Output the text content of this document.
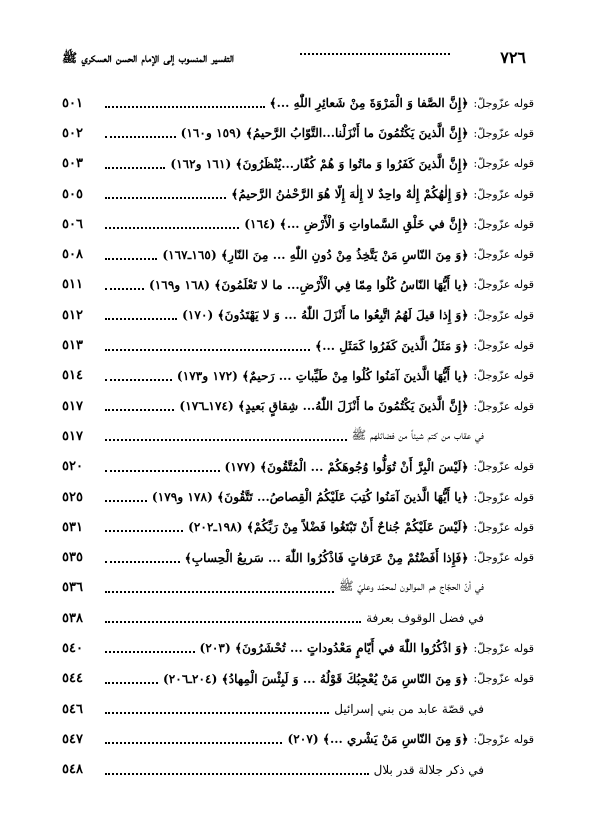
٧٢٦
التفسير المنسوب إلى الإمام الحسن العسكري ﷺ
قوله عزّوجلّ:
﴿إِنَّ الصَّفا وَ الْمَرْوَةَ مِنْ شَعائِرِ اللّٰهِ ...﴾
٥٠١
قوله عزّوجلّ:
﴿إِنَّ الَّذينَ يَكْتُمُونَ ما أَنْزَلْنا...التَّوّابُ الرَّحيمُ﴾ (١٥٩ و١٦٠)
٥٠٢
قوله عزّوجلّ:
﴿إِنَّ الَّذينَ كَفَرُوا وَ ماتُوا وَ هُمْ كُفّار...يُنْظَرُونَ﴾ (١٦١ و١٦٢)
٥٠٣
قوله عزّوجلّ:
﴿وَ إِلٰهُكُمْ إِلٰهٌ واحِدٌ لا إِلٰهَ إِلّا هُوَ الرَّحْمٰنُ الرَّحيمُ﴾
٥٠٥
قوله عزّوجلّ:
﴿إِنَّ في خَلْقِ السَّماواتِ وَ الْأَرْضِ ...﴾ (١٦٤)
٥٠٦
قوله عزّوجلّ:
﴿وَ مِنَ النّاسِ مَنْ يَتَّخِذُ مِنْ دُونِ اللّٰهِ ... مِنَ النّارِ﴾ (١٦٥ـ١٦٧)
٥٠٨
قوله عزّوجلّ:
﴿يا أَيُّهَا النّاسُ كُلُوا مِمّا فِي الْأَرْضِ... ما لا تَعْلَمُونَ﴾ (١٦٨ و١٦٩)
٥١١
قوله عزّوجلّ:
﴿وَ إِذا قيلَ لَهُمُ اتَّبِعُوا ما أَنْزَلَ اللّٰهُ ... وَ لا يَهْتَدُونَ﴾ (١٧٠)
٥١٢
قوله عزّوجلّ:
﴿وَ مَثَلُ الَّذينَ كَفَرُوا كَمَثَلِ ...﴾
٥١٣
قوله عزّوجلّ:
﴿يا أَيُّهَا الَّذينَ آمَنُوا كُلُوا مِنْ طَيِّباتِ ... رَحيمٌ﴾ (١٧٢ و١٧٣)
٥١٤
قوله عزّوجلّ:
﴿إِنَّ الَّذينَ يَكْتُمُونَ ما أَنْزَلَ اللّٰهُ... شِقاقٍ بَعيدٍ﴾ (١٧٤ـ١٧٦)
٥١٧
في عقاب من كتم شيئاً من فضائلهم ﷺ
٥١٧
قوله عزّوجلّ:
﴿لَيْسَ الْبِرَّ أَنْ تُوَلُّوا وُجُوهَكُمْ ... الْمُتَّقُونَ﴾ (١٧٧)
٥٢٠
قوله عزّوجلّ:
﴿يا أَيُّهَا الَّذينَ آمَنُوا كُتِبَ عَلَيْكُمُ الْقِصاصُ... تَتَّقُونَ﴾ (١٧٨ و١٧٩)
٥٢٥
قوله عزّوجلّ:
﴿لَيْسَ عَلَيْكُمْ جُناحٌ أَنْ تَبْتَغُوا فَضْلاً مِنْ رَبِّكُمْ﴾ (١٩٨ـ٢٠٢)
٥٣١
قوله عزّوجلّ:
﴿فَإِذا أَفَضْتُمْ مِنْ عَرَفاتٍ فَاذْكُرُوا اللّٰهَ ... سَريعُ الْحِسابِ﴾
٥٣٥
في أنّ الحجّاج هم الموالون لمحمّد وعليّ ﷺ
٥٣٦
في فضل الوقوف بعرفة
٥٣٨
قوله عزّوجلّ:
﴿وَ اذْكُرُوا اللّٰهَ في أَيّامٍ مَعْدُوداتٍ ... تُحْشَرُونَ﴾ (٢٠٣)
٥٤٠
قوله عزّوجلّ:
﴿وَ مِنَ النّاسِ مَنْ يُعْجِبُكَ قَوْلُهُ ... وَ لَبِئْسَ الْمِهادُ﴾ (٢٠٤ـ٢٠٦)
٥٤٤
في قصّة عابد من بني إسرائيل
٥٤٦
قوله عزّوجلّ:
﴿وَ مِنَ النّاسِ مَنْ يَشْري ...﴾ (٢٠٧)
٥٤٧
في ذكر جلالة قدر بلال
٥٤٨
